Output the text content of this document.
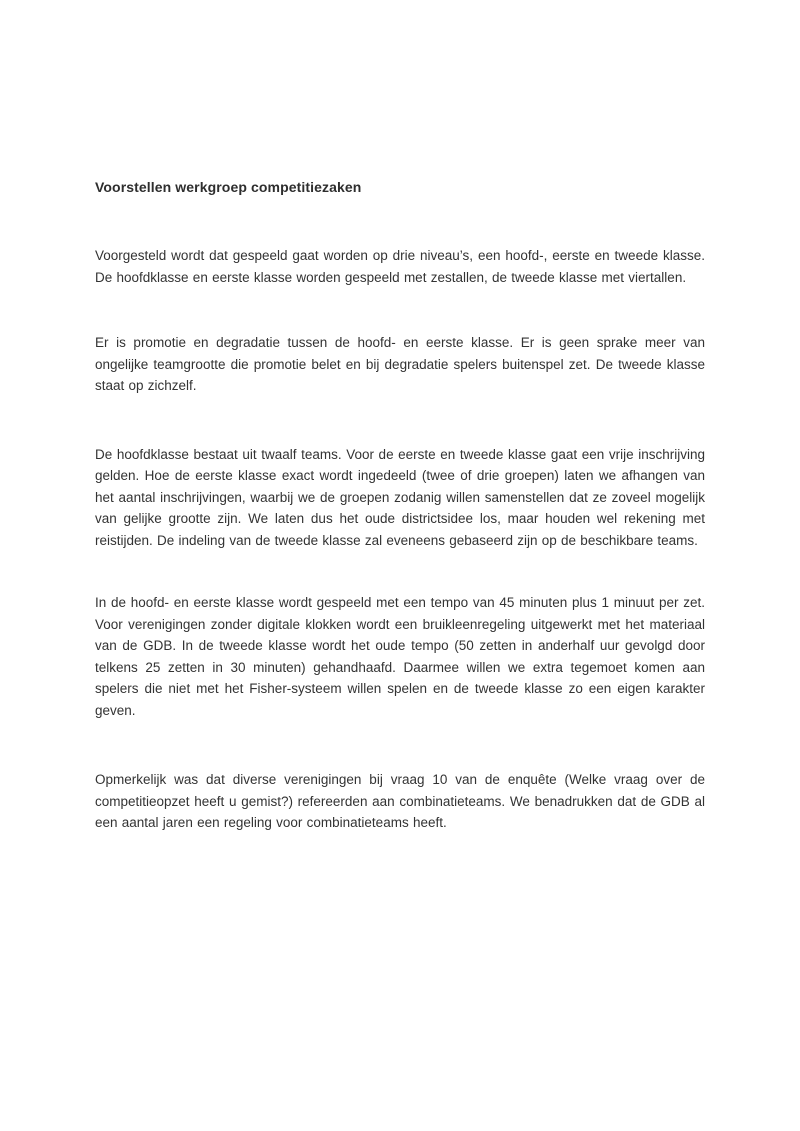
Voorstellen werkgroep competitiezaken

Voorgesteld wordt dat gespeeld gaat worden op drie niveau’s, een hoofd-, eerste en tweede klasse. De hoofdklasse en eerste klasse worden gespeeld met zestallen, de tweede klasse met viertallen.

Er is promotie en degradatie tussen de hoofd- en eerste klasse. Er is geen sprake meer van ongelijke teamgrootte die promotie belet en bij degradatie spelers buitenspel zet. De tweede klasse staat op zichzelf.

De hoofdklasse bestaat uit twaalf teams. Voor de eerste en tweede klasse gaat een vrije inschrijving gelden. Hoe de eerste klasse exact wordt ingedeeld (twee of drie groepen) laten we afhangen van het aantal inschrijvingen, waarbij we de groepen zodanig willen samenstellen dat ze zoveel mogelijk van gelijke grootte zijn. We laten dus het oude districtsidee los, maar houden wel rekening met reistijden. De indeling van de tweede klasse zal eveneens gebaseerd zijn op de beschikbare teams.

In de hoofd- en eerste klasse wordt gespeeld met een tempo van 45 minuten plus 1 minuut per zet. Voor verenigingen zonder digitale klokken wordt een bruikleenregeling uitgewerkt met het materiaal van de GDB. In de tweede klasse wordt het oude tempo (50 zetten in anderhalf uur gevolgd door telkens 25 zetten in 30 minuten) gehandhaafd. Daarmee willen we extra tegemoet komen aan spelers die niet met het Fisher-systeem willen spelen en de tweede klasse zo een eigen karakter geven.

Opmerkelijk was dat diverse verenigingen bij vraag 10 van de enquête (Welke vraag over de competitieopzet heeft u gemist?) refereerden aan combinatieteams. We benadrukken dat de GDB al een aantal jaren een regeling voor combinatieteams heeft.
